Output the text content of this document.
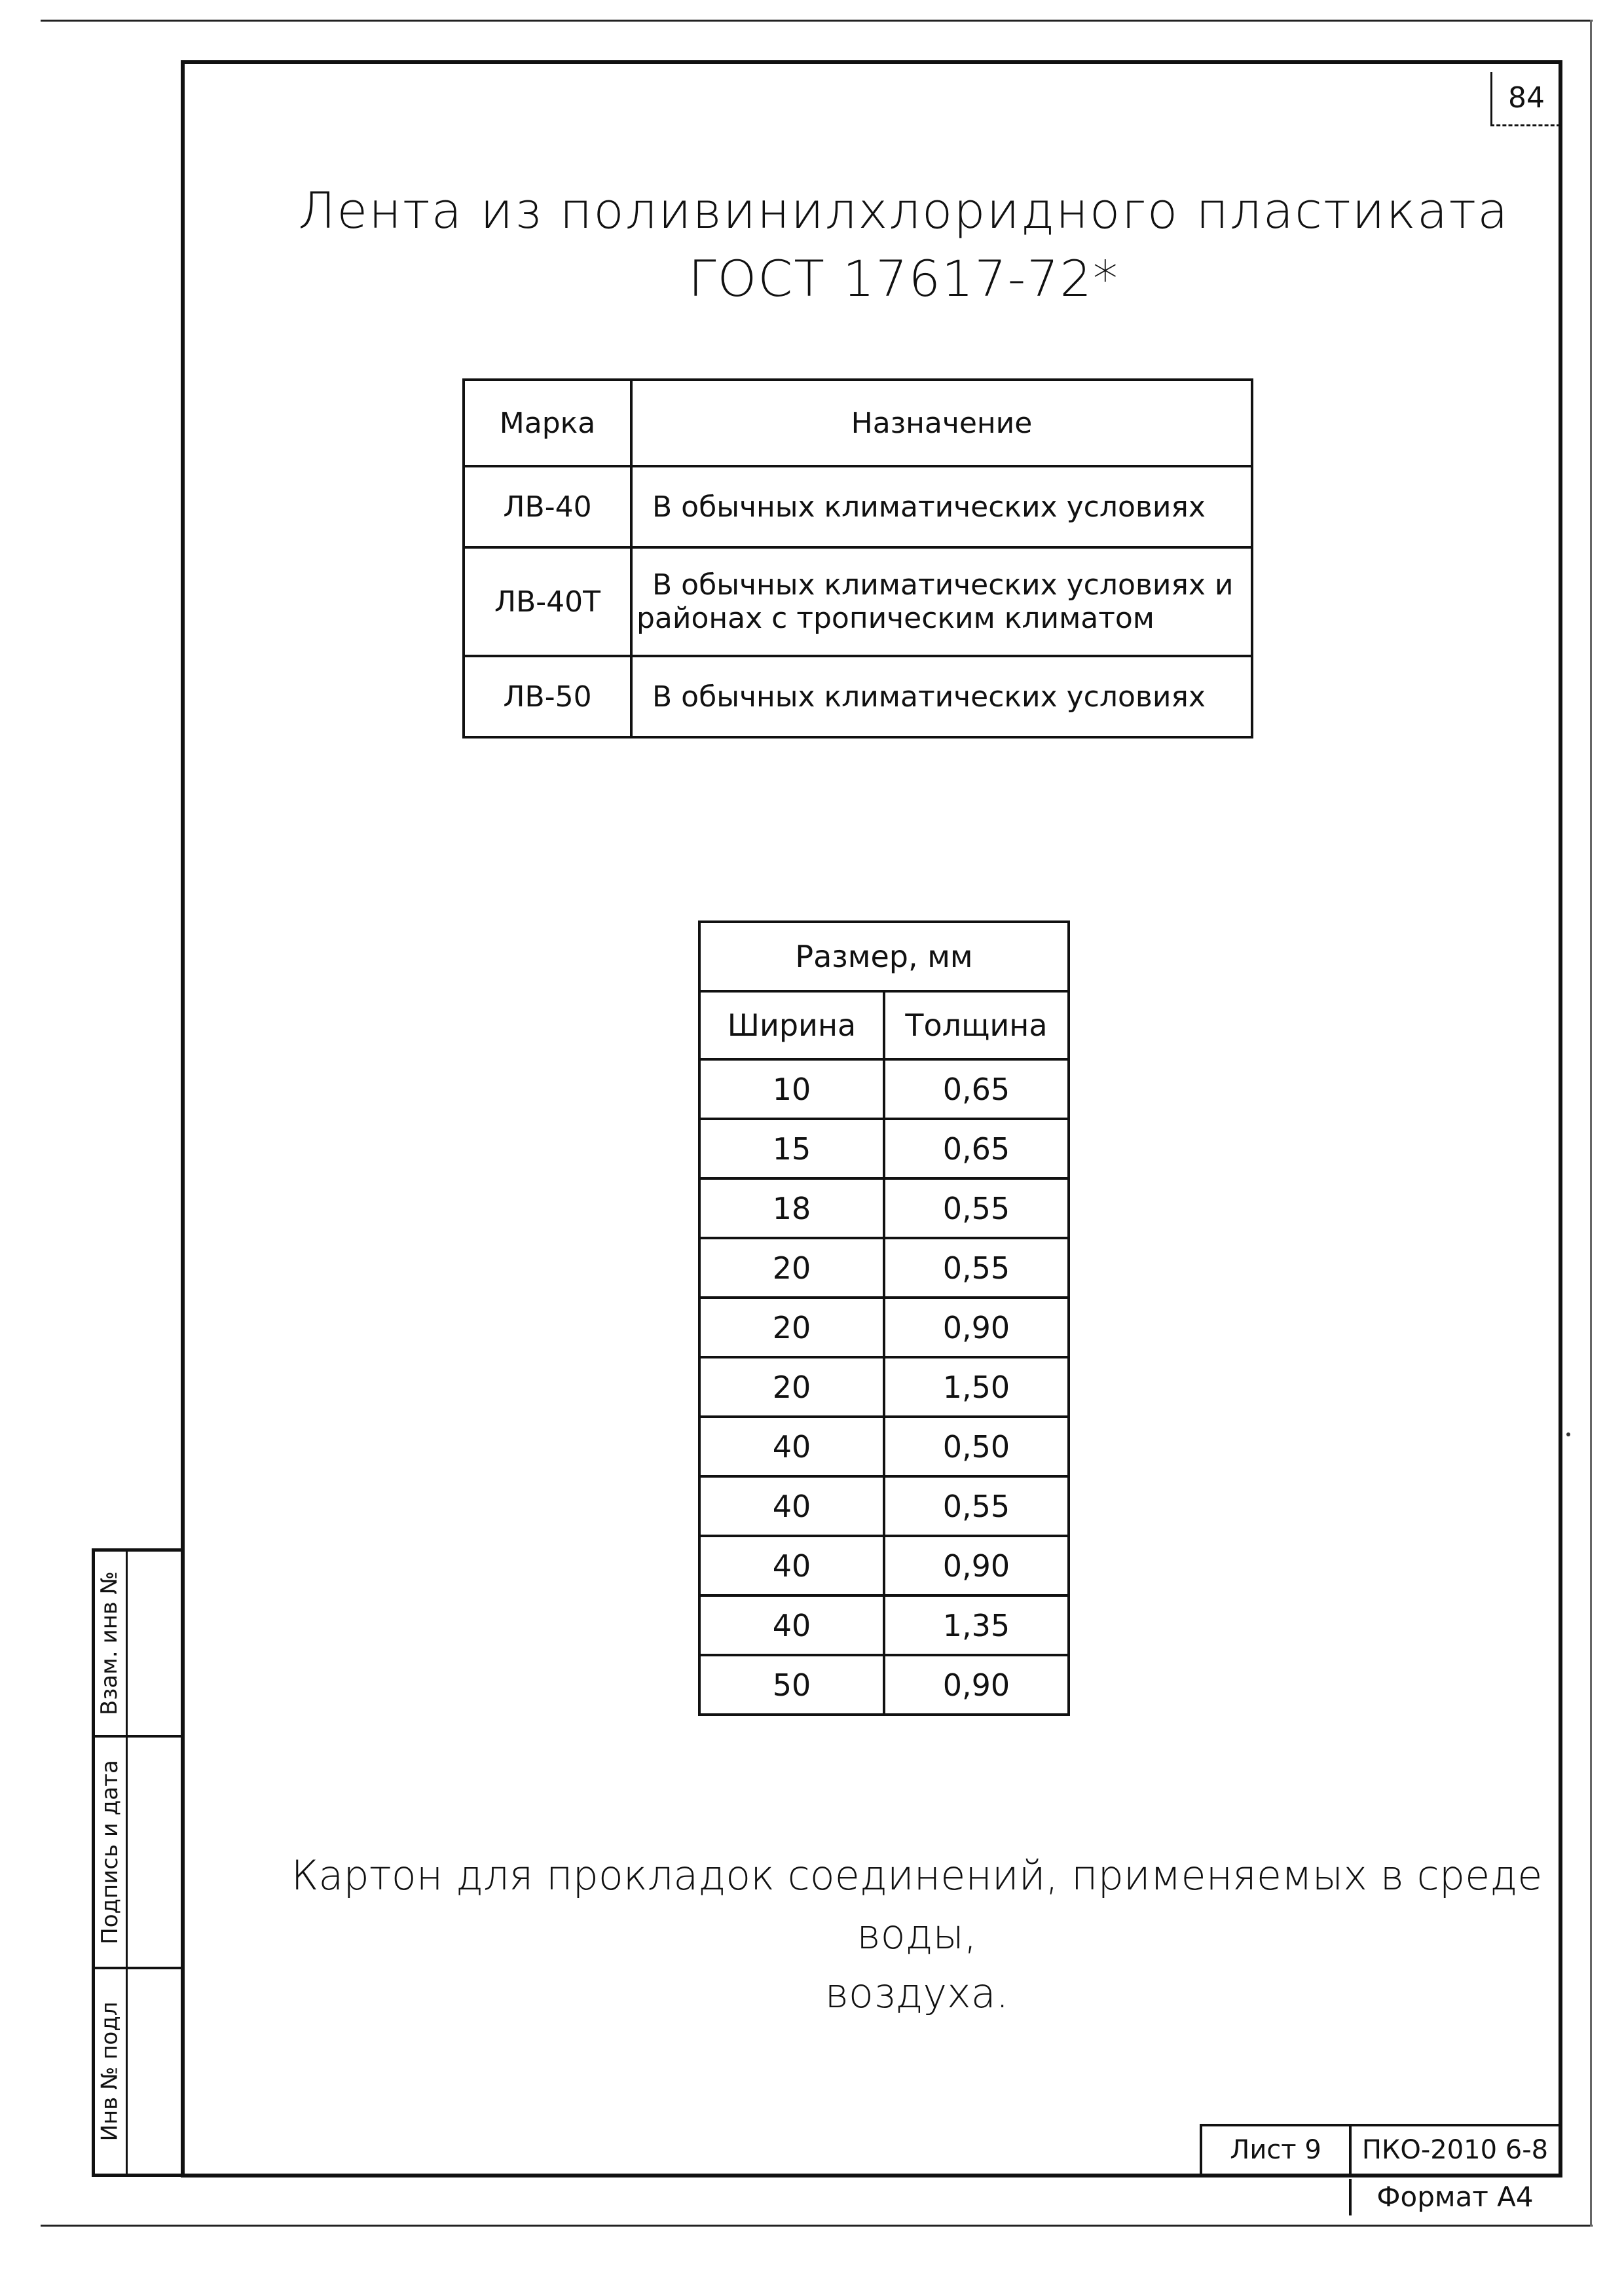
84
Лента из поливинилхлоридного пластиката
ГОСТ 17617-72*
Марка	Назначение
ЛВ-40	В обычных климатических условиях

ЛВ-40Т	В обычных климатических условиях и
районах с тропическим климатом

ЛВ-50	В обычных климатических условиях
Размер, мм	
Ширина	Толщина
10	0,65
15	0,65
18	0,55
20	0,55
20	0,90
20	1,50
40	0,50
40	0,55
40	0,90
40	1,35
50	0,90
Картон для прокладок соединений, применяемых в среде воды,
воздуха.
Взам. инв №
Подпись и дата
Инв № подл
Лист 9	ПКО-2010 6-8
Формат А4
